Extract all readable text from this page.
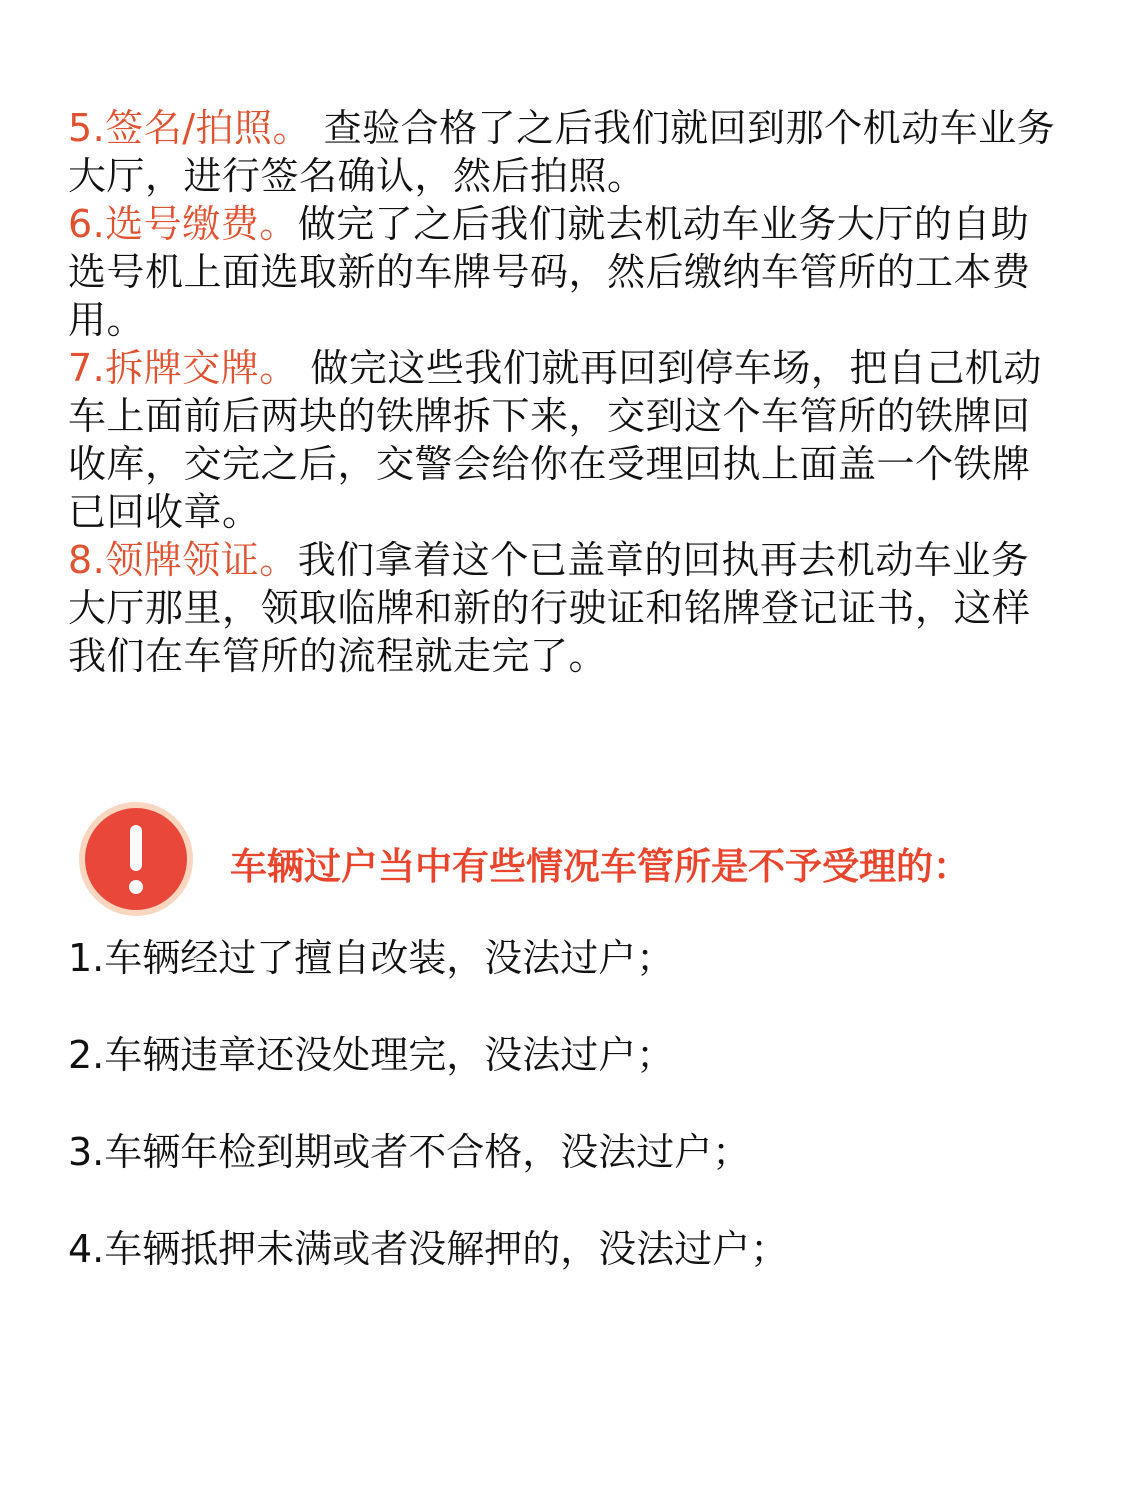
5.签名/拍照。 查验合格了之后我们就回到那个机动车业务大厅，进行签名确认，然后拍照。

6.选号缴费。做完了之后我们就去机动车业务大厅的自助选号机上面选取新的车牌号码，然后缴纳车管所的工本费用。

7.拆牌交牌。 做完这些我们就再回到停车场，把自己机动车上面前后两块的铁牌拆下来，交到这个车管所的铁牌回收库，交完之后，交警会给你在受理回执上面盖一个铁牌已回收章。

8.领牌领证。我们拿着这个已盖章的回执再去机动车业务大厅那里，领取临牌和新的行驶证和铭牌登记证书，这样我们在车管所的流程就走完了。

车辆过户当中有些情况车管所是不予受理的：
1.车辆经过了擅自改装，没法过户；
2.车辆违章还没处理完，没法过户；
3.车辆年检到期或者不合格，没法过户；
4.车辆抵押未满或者没解押的，没法过户；
